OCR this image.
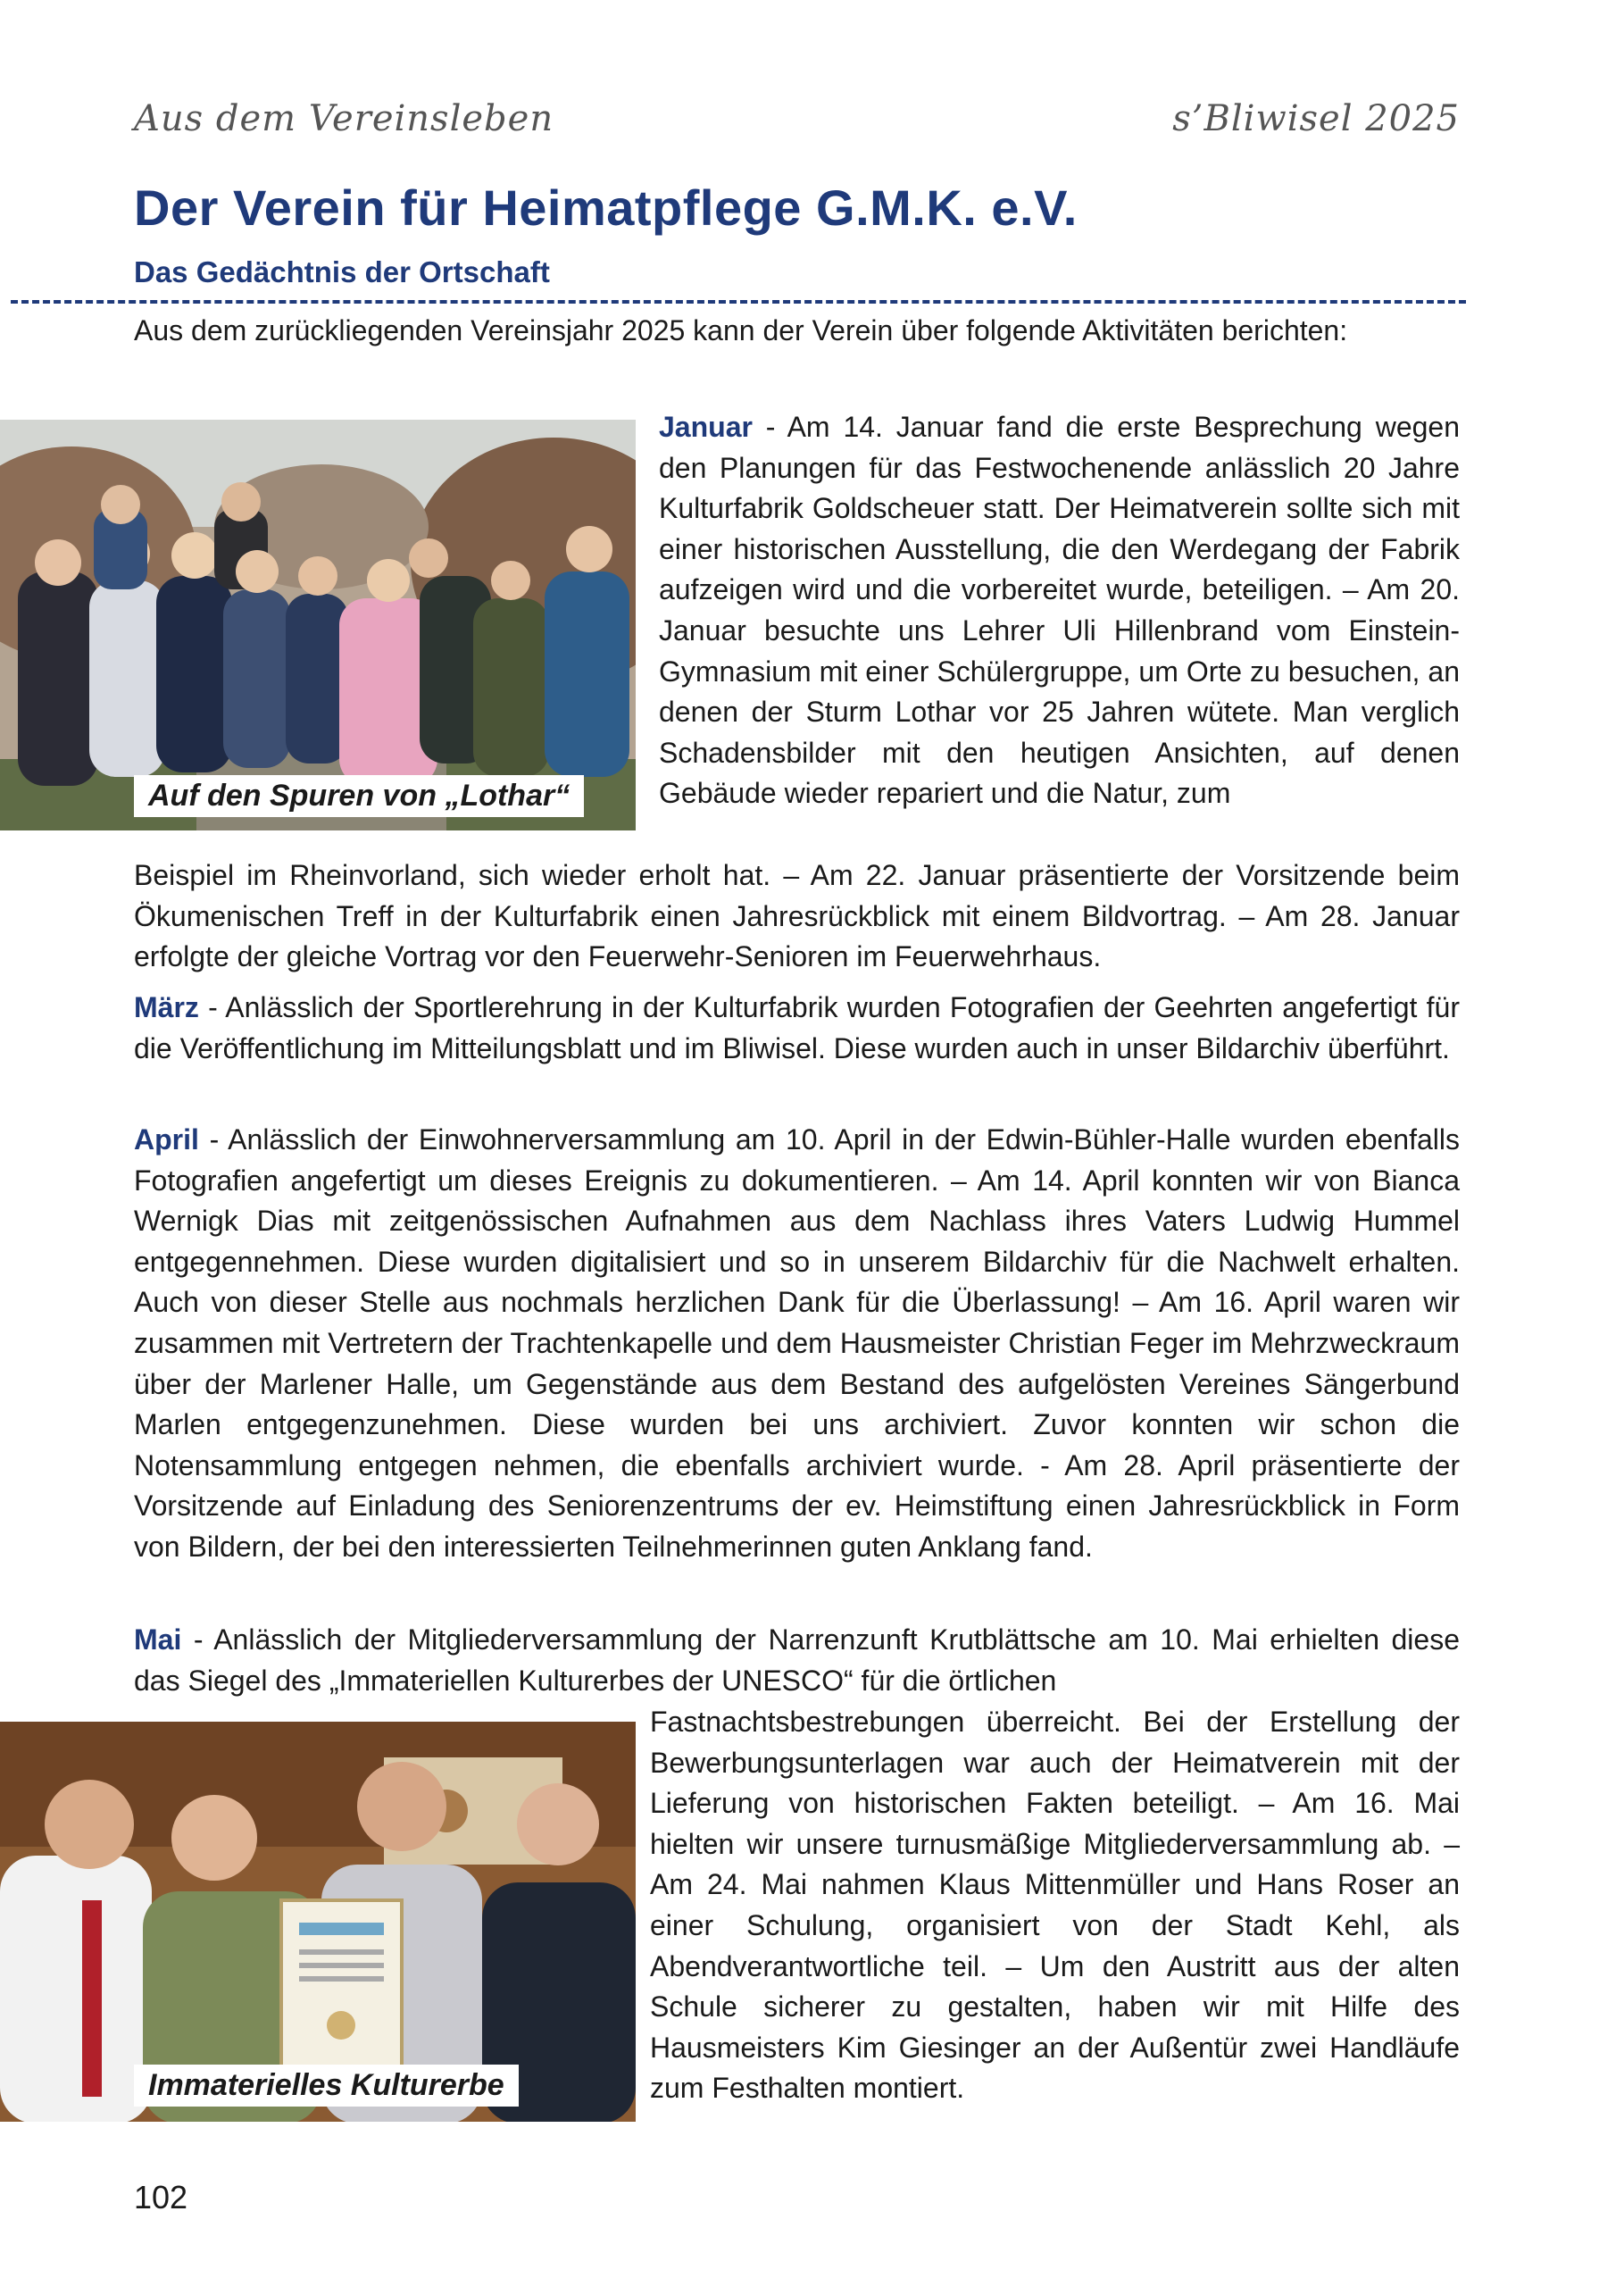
Aus dem Vereinsleben	s’Bliwisel 2025
Der Verein für Heimatpflege G.M.K. e.V.
Das Gedächtnis der Ortschaft

Aus dem zurückliegenden Vereinsjahr 2025 kann der Verein über folgende Aktivitäten berichten:

Auf den Spuren von „Lothar“

Januar - Am 14. Januar fand die erste Besprechung wegen den Planungen für das Festwochenende anlässlich 20 Jahre Kulturfabrik Goldscheuer statt. Der Heimatverein sollte sich mit einer historischen Ausstellung, die den Werdegang der Fabrik aufzeigen wird und die vorbereitet wurde, beteiligen. – Am 20. Januar besuchte uns Lehrer Uli Hillenbrand vom Einstein-Gymnasium mit einer Schülergruppe, um Orte zu besuchen, an denen der Sturm Lothar vor 25 Jahren wütete. Man verglich Schadensbilder mit den heutigen Ansichten, auf denen Gebäude wieder repariert und die Natur, zum

Beispiel im Rheinvorland, sich wieder erholt hat. – Am 22. Januar präsentierte der Vorsitzende beim Ökumenischen Treff in der Kulturfabrik einen Jahresrückblick mit einem Bildvortrag. – Am 28. Januar erfolgte der gleiche Vortrag vor den Feuerwehr-Senioren im Feuerwehrhaus.

März - Anlässlich der Sportlerehrung in der Kulturfabrik wurden Fotografien der Geehrten angefertigt für die Veröffentlichung im Mitteilungsblatt und im Bliwisel. Diese wurden auch in unser Bildarchiv überführt.

April - Anlässlich der Einwohnerversammlung am 10. April in der Edwin-Bühler-Halle wurden ebenfalls Fotografien angefertigt um dieses Ereignis zu dokumentieren. – Am 14. April konnten wir von Bianca Wernigk Dias mit zeitgenössischen Aufnahmen aus dem Nachlass ihres Vaters Ludwig Hummel entgegennehmen. Diese wurden digitalisiert und so in unserem Bildarchiv für die Nachwelt erhalten. Auch von dieser Stelle aus nochmals herzlichen Dank für die Überlassung! – Am 16. April waren wir zusammen mit Vertretern der Trachtenkapelle und dem Hausmeister Christian Feger im Mehrzweckraum über der Marlener Halle, um Gegenstände aus dem Bestand des aufgelösten Vereines Sängerbund Marlen entgegenzunehmen. Diese wurden bei uns archiviert. Zuvor konnten wir schon die Notensammlung entgegen nehmen, die ebenfalls archiviert wurde. - Am 28. April präsentierte der Vorsitzende auf Einladung des Seniorenzentrums der ev. Heimstiftung einen Jahresrückblick in Form von Bildern, der bei den interessierten Teilnehmerinnen guten Anklang fand.

Mai - Anlässlich der Mitgliederversammlung der Narrenzunft Krutblättsche am 10. Mai erhielten diese das Siegel des „Immateriellen Kulturerbes der UNESCO“ für die örtlichen

Immaterielles Kulturerbe

Fastnachtsbestrebungen überreicht. Bei der Erstellung der Bewerbungsunterlagen war auch der Heimatverein mit der Lieferung von historischen Fakten beteiligt. – Am 16. Mai hielten wir unsere turnusmäßige Mitgliederversammlung ab. – Am 24. Mai nahmen Klaus Mittenmüller und Hans Roser an einer Schulung, organisiert von der Stadt Kehl, als Abendverantwortliche teil. – Um den Austritt aus der alten Schule sicherer zu gestalten, haben wir mit Hilfe des Hausmeisters Kim Giesinger an der Außentür zwei Handläufe zum Festhalten montiert.

102
